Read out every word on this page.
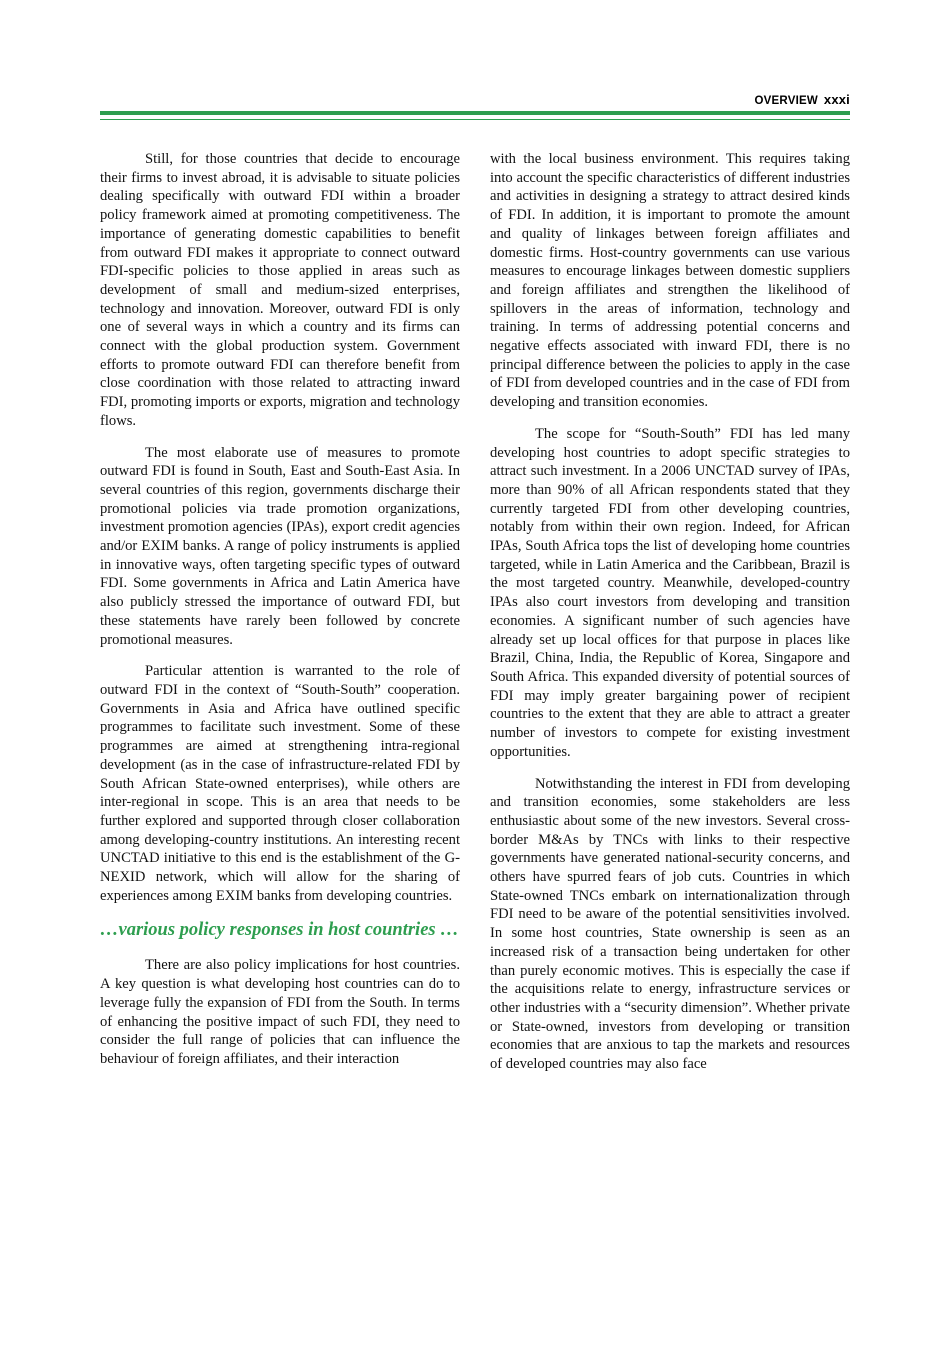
OVERVIEW xxxi

Still, for those countries that decide to encourage their firms to invest abroad, it is advisable to situate policies dealing specifically with outward FDI within a broader policy framework aimed at promoting competitiveness. The importance of generating domestic capabilities to benefit from outward FDI makes it appropriate to connect outward FDI-specific policies to those applied in areas such as development of small and medium-sized enterprises, technology and innovation. Moreover, outward FDI is only one of several ways in which a country and its firms can connect with the global production system. Government efforts to promote outward FDI can therefore benefit from close coordination with those related to attracting inward FDI, promoting imports or exports, migration and technology flows.

The most elaborate use of measures to promote outward FDI is found in South, East and South-East Asia. In several countries of this region, governments discharge their promotional policies via trade promotion organizations, investment promotion agencies (IPAs), export credit agencies and/or EXIM banks. A range of policy instruments is applied in innovative ways, often targeting specific types of outward FDI. Some governments in Africa and Latin America have also publicly stressed the importance of outward FDI, but these statements have rarely been followed by concrete promotional measures.

Particular attention is warranted to the role of outward FDI in the context of “South-South” cooperation. Governments in Asia and Africa have outlined specific programmes to facilitate such investment. Some of these programmes are aimed at strengthening intra-regional development (as in the case of infrastructure-related FDI by South African State-owned enterprises), while others are inter-regional in scope. This is an area that needs to be further explored and supported through closer collaboration among developing-country institutions. An interesting recent UNCTAD initiative to this end is the establishment of the G-NEXID network, which will allow for the sharing of experiences among EXIM banks from developing countries.

…various policy responses in host countries …

There are also policy implications for host countries. A key question is what developing host countries can do to leverage fully the expansion of FDI from the South. In terms of enhancing the positive impact of such FDI, they need to consider the full range of policies that can influence the behaviour of foreign affiliates, and their interaction

with the local business environment. This requires taking into account the specific characteristics of different industries and activities in designing a strategy to attract desired kinds of FDI. In addition, it is important to promote the amount and quality of linkages between foreign affiliates and domestic firms. Host-country governments can use various measures to encourage linkages between domestic suppliers and foreign affiliates and strengthen the likelihood of spillovers in the areas of information, technology and training. In terms of addressing potential concerns and negative effects associated with inward FDI, there is no principal difference between the policies to apply in the case of FDI from developed countries and in the case of FDI from developing and transition economies.

The scope for “South-South” FDI has led many developing host countries to adopt specific strategies to attract such investment. In a 2006 UNCTAD survey of IPAs, more than 90% of all African respondents stated that they currently targeted FDI from other developing countries, notably from within their own region. Indeed, for African IPAs, South Africa tops the list of developing home countries targeted, while in Latin America and the Caribbean, Brazil is the most targeted country. Meanwhile, developed-country IPAs also court investors from developing and transition economies. A significant number of such agencies have already set up local offices for that purpose in places like Brazil, China, India, the Republic of Korea, Singapore and South Africa. This expanded diversity of potential sources of FDI may imply greater bargaining power of recipient countries to the extent that they are able to attract a greater number of investors to compete for existing investment opportunities.

Notwithstanding the interest in FDI from developing and transition economies, some stakeholders are less enthusiastic about some of the new investors. Several cross-border M&As by TNCs with links to their respective governments have generated national-security concerns, and others have spurred fears of job cuts. Countries in which State-owned TNCs embark on internationalization through FDI need to be aware of the potential sensitivities involved. In some host countries, State ownership is seen as an increased risk of a transaction being undertaken for other than purely economic motives. This is especially the case if the acquisitions relate to energy, infrastructure services or other industries with a “security dimension”. Whether private or State-owned, investors from developing or transition economies that are anxious to tap the markets and resources of developed countries may also face
